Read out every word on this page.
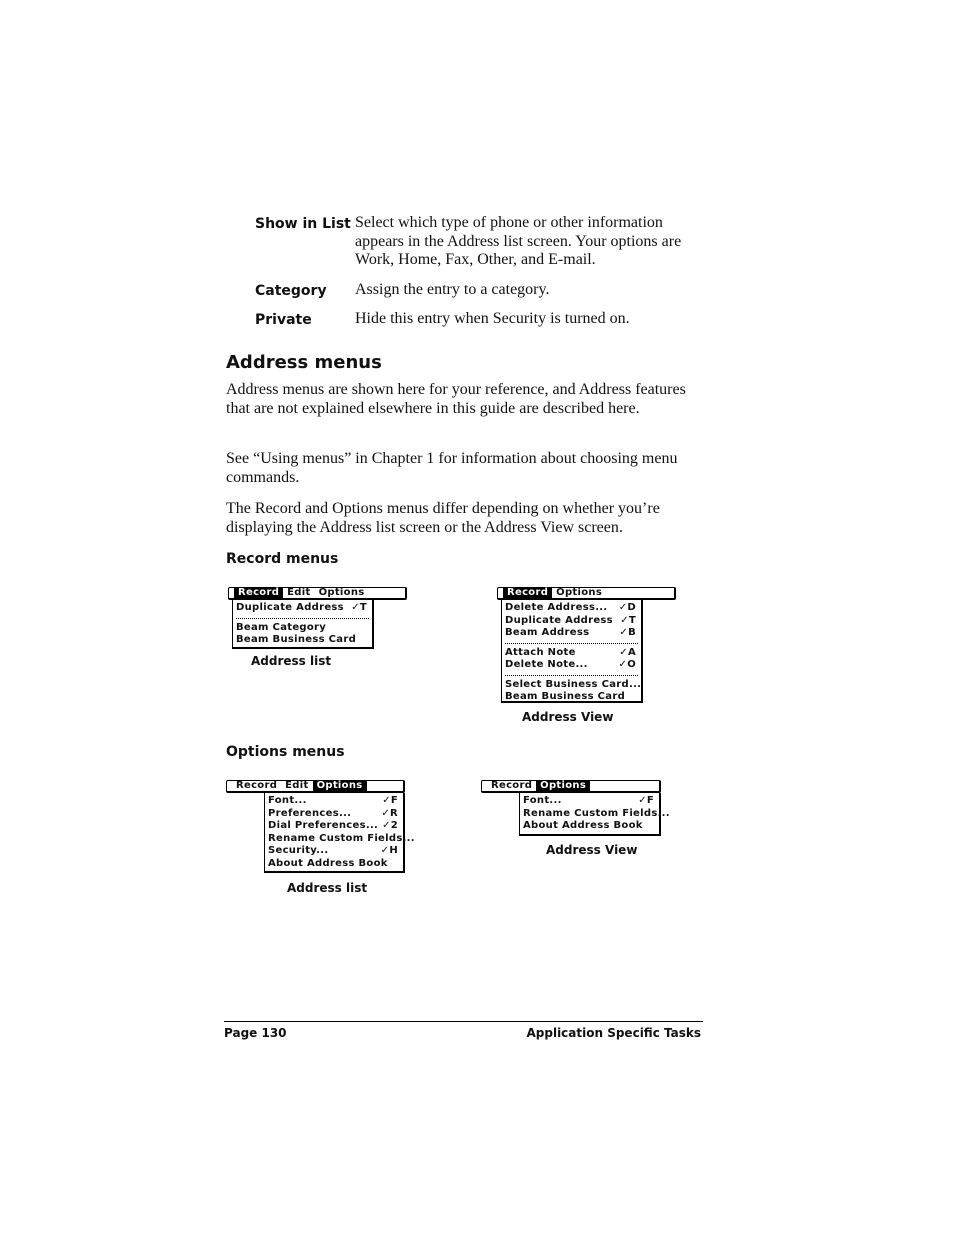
Show in List Select which type of phone or other information appears in the Address list screen. Your options are Work, Home, Fax, Other, and E-mail.
Category Assign the entry to a category.
Private	Hide this entry when Security is turned on.
Address menus

Address menus are shown here for your reference, and Address features that are not explained elsewhere in this guide are described here.

See “Using menus” in Chapter 1 for information about choosing menu commands.

The Record and Options menus differ depending on whether you’re displaying the Address list screen or the Address View screen.

Record menus
Record Edit Options
Duplicate Address ✓T
Beam Category
Beam Business Card
Address list
Record Options
Delete Address... ✓D
Duplicate Address ✓T
Beam Address	✓B
Attach Note	✓A
Delete Note...	✓O
Select Business Card...
Beam Business Card
Address View
Options menus
Record Edit Options
Font...	✓F
Preferences...	✓R
Dial Preferences... ✓2
Rename Custom Fields...
Security...	✓H
About Address Book
Address list
Record Options
Font...	✓F
Rename Custom Fields...
About Address Book
Address View
Page 130	Application Specific Tasks
